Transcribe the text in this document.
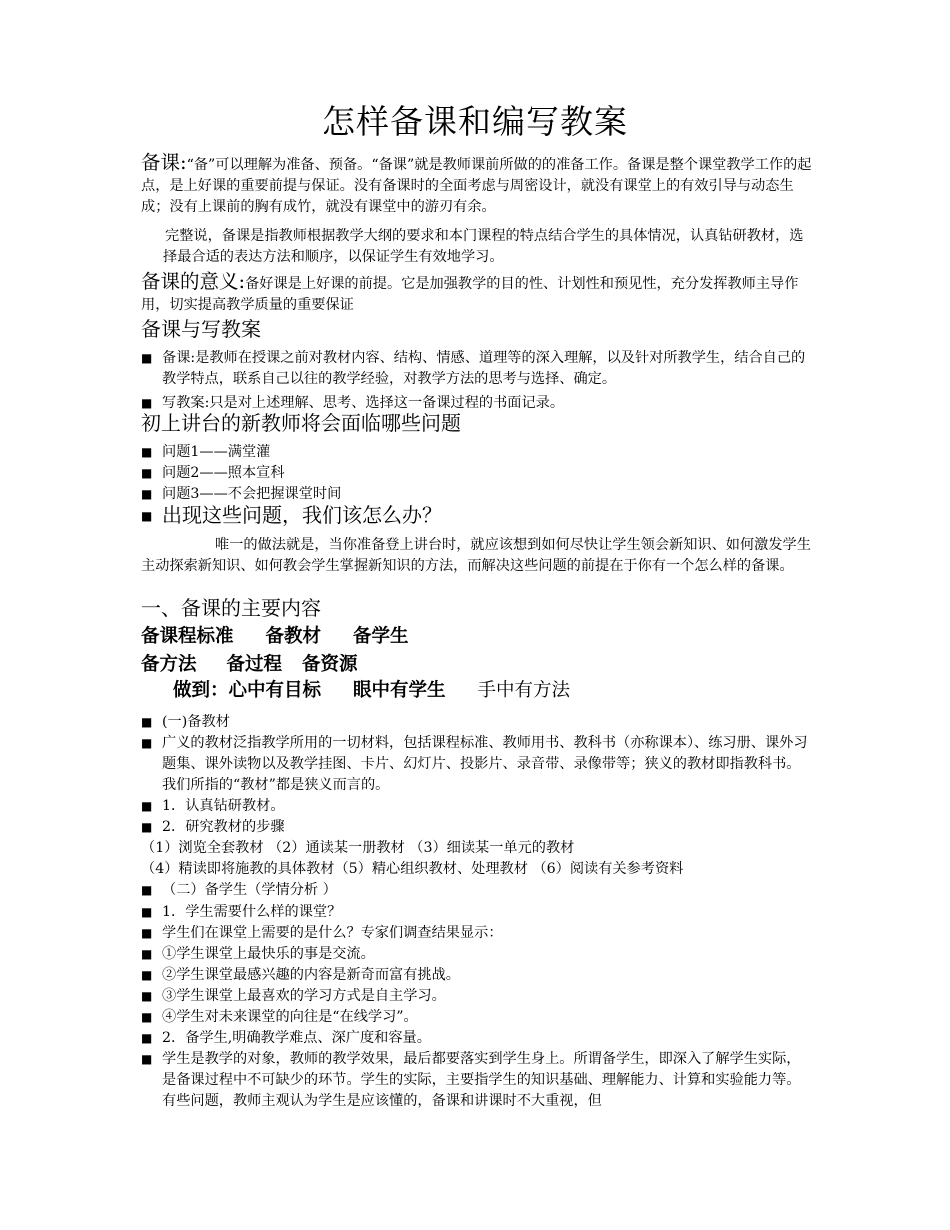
怎样备课和编写教案
备课:“备”可以理解为准备、预备。“备课”就是教师课前所做的的准备工作。备课是整个课堂教学工作的起点，是上好课的重要前提与保证。没有备课时的全面考虑与周密设计，就没有课堂上的有效引导与动态生成；没有上课前的胸有成竹，就没有课堂中的游刃有余。
完整说，备课是指教师根据教学大纲的要求和本门课程的特点结合学生的具体情况，认真钻研教材，选择最合适的表达方法和顺序，以保证学生有效地学习。
备课的意义:备好课是上好课的前提。它是加强教学的目的性、计划性和预见性，充分发挥教师主导作用，切实提高教学质量的重要保证
备课与写教案
■ 备课:是教师在授课之前对教材内容、结构、情感、道理等的深入理解，以及针对所教学生，结合自己的教学特点，联系自己以往的教学经验，对教学方法的思考与选择、确定。
■ 写教案:只是对上述理解、思考、选择这一备课过程的书面记录。
初上讲台的新教师将会面临哪些问题
■ 问题1——满堂灌
■ 问题2——照本宣科
■ 问题3——不会把握课堂时间
■ 出现这些问题，我们该怎么办？
唯一的做法就是，当你准备登上讲台时，就应该想到如何尽快让学生领会新知识、如何激发学生主动探索新知识、如何教会学生掌握新知识的方法，而解决这些问题的前提在于你有一个怎么样的备课。
一、备课的主要内容
备课程标准 备教材 备学生
备方法 备过程 备资源
做到：心中有目标 眼中有学生 手中有方法
■ (一)备教材
■ 广义的教材泛指教学所用的一切材料，包括课程标准、教师用书、教科书（亦称课本）、练习册、课外习题集、课外读物以及教学挂图、卡片、幻灯片、投影片、录音带、录像带等；狭义的教材即指教科书。我们所指的“教材”都是狭义而言的。
■ 1．认真钻研教材。
■ 2．研究教材的步骤
（1）浏览全套教材 （2）通读某一册教材 （3）细读某一单元的教材
（4）精读即将施教的具体教材（5）精心组织教材、处理教材 （6）阅读有关参考资料
■ （二）备学生（学情分析 ）
■ 1．学生需要什么样的课堂？
■ 学生们在课堂上需要的是什么？专家们调查结果显示：
■ ①学生课堂上最快乐的事是交流。
■ ②学生课堂最感兴趣的内容是新奇而富有挑战。
■ ③学生课堂上最喜欢的学习方式是自主学习。
■ ④学生对未来课堂的向往是“在线学习”。
■ 2．备学生,明确教学难点、深广度和容量。
■ 学生是教学的对象，教师的教学效果，最后都要落实到学生身上。所谓备学生，即深入了解学生实际，是备课过程中不可缺少的环节。学生的实际，主要指学生的知识基础、理解能力、计算和实验能力等。有些问题，教师主观认为学生是应该懂的，备课和讲课时不大重视，但
